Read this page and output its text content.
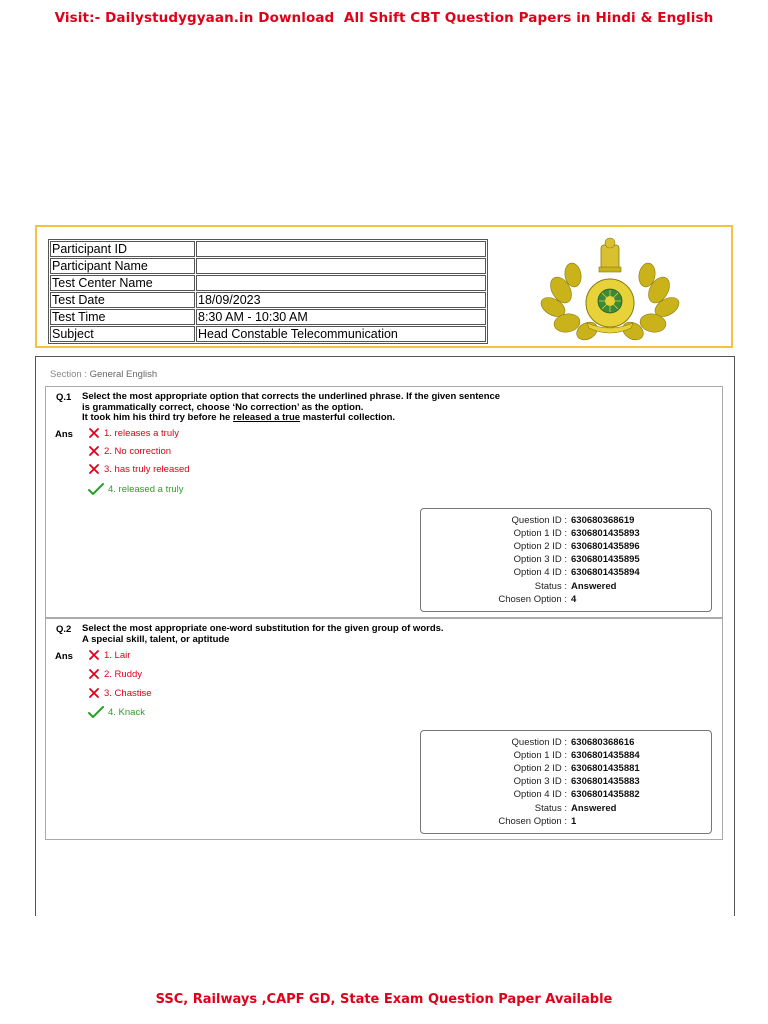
Visit:- Dailystudygyaan.in Download  All Shift CBT Question Papers in Hindi & English
Participant ID	
Participant Name	
Test Center Name	
Test Date	18/09/2023
Test Time	8:30 AM - 10:30 AM
Subject	Head Constable Telecommunication
Section : General English
Q.1 Select the most appropriate option that corrects the underlined phrase. If the given sentence
is grammatically correct, choose ‘No correction’ as the option.
It took him his third try before he released a true masterful collection.
Ans	1. releases a truly
2. No correction
3. has truly released
4. released a truly
Question ID : 630680368619
Option 1 ID : 6306801435893
Option 2 ID : 6306801435896
Option 3 ID : 6306801435895
Option 4 ID : 6306801435894
Status : Answered
Chosen Option : 4
Q.2 Select the most appropriate one-word substitution for the given group of words.
A special skill, talent, or aptitude
Ans	1. Lair
2. Ruddy
3. Chastise
4. Knack
Question ID : 630680368616
Option 1 ID : 6306801435884
Option 2 ID : 6306801435881
Option 3 ID : 6306801435883
Option 4 ID : 6306801435882
Status : Answered
Chosen Option : 1
SSC, Railways ,CAPF GD, State Exam Question Paper Available
